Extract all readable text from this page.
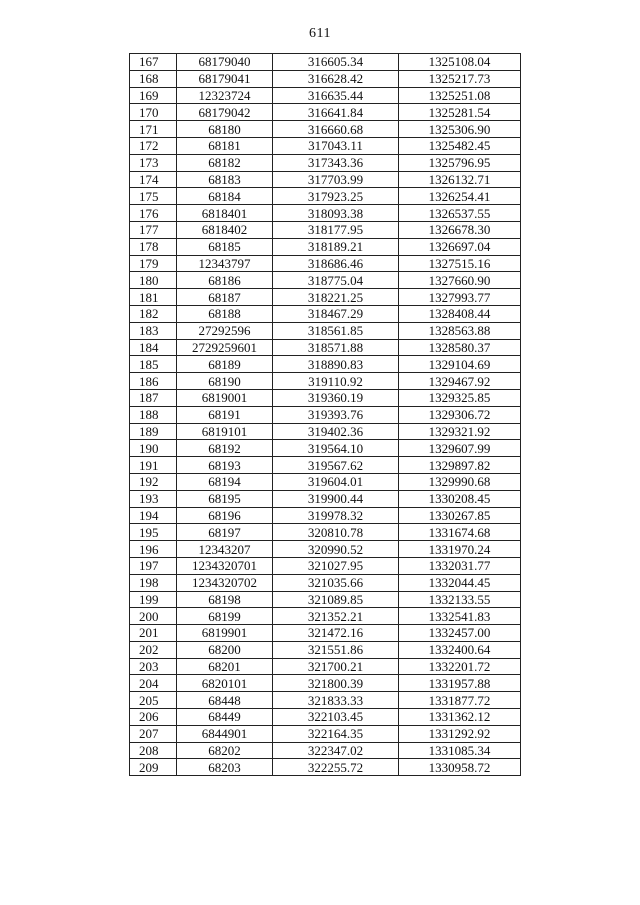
611
167	68179040	316605.34	1325108.04
168	68179041	316628.42	1325217.73
169	12323724	316635.44	1325251.08
170	68179042	316641.84	1325281.54
171	68180	316660.68	1325306.90
172	68181	317043.11	1325482.45
173	68182	317343.36	1325796.95
174	68183	317703.99	1326132.71
175	68184	317923.25	1326254.41
176	6818401	318093.38	1326537.55
177	6818402	318177.95	1326678.30
178	68185	318189.21	1326697.04
179	12343797	318686.46	1327515.16
180	68186	318775.04	1327660.90
181	68187	318221.25	1327993.77
182	68188	318467.29	1328408.44
183	27292596	318561.85	1328563.88
184	2729259601	318571.88	1328580.37
185	68189	318890.83	1329104.69
186	68190	319110.92	1329467.92
187	6819001	319360.19	1329325.85
188	68191	319393.76	1329306.72
189	6819101	319402.36	1329321.92
190	68192	319564.10	1329607.99
191	68193	319567.62	1329897.82
192	68194	319604.01	1329990.68
193	68195	319900.44	1330208.45
194	68196	319978.32	1330267.85
195	68197	320810.78	1331674.68
196	12343207	320990.52	1331970.24
197	1234320701	321027.95	1332031.77
198	1234320702	321035.66	1332044.45
199	68198	321089.85	1332133.55
200	68199	321352.21	1332541.83
201	6819901	321472.16	1332457.00
202	68200	321551.86	1332400.64
203	68201	321700.21	1332201.72
204	6820101	321800.39	1331957.88
205	68448	321833.33	1331877.72
206	68449	322103.45	1331362.12
207	6844901	322164.35	1331292.92
208	68202	322347.02	1331085.34
209	68203	322255.72	1330958.72
